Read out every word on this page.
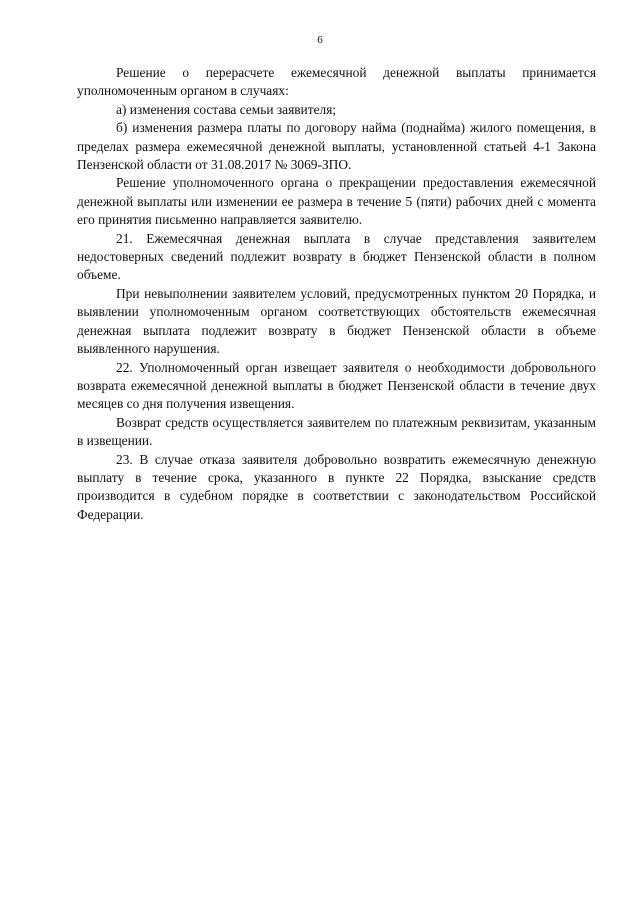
6

Решение о перерасчете ежемесячной денежной выплаты принимается уполномоченным органом в случаях:

а) изменения состава семьи заявителя;

б) изменения размера платы по договору найма (поднайма) жилого помещения, в пределах размера ежемесячной денежной выплаты, установленной статьей 4-1 Закона Пензенской области от 31.08.2017 № 3069-ЗПО.

Решение уполномоченного органа о прекращении предоставления ежемесячной денежной выплаты или изменении ее размера в течение 5 (пяти) рабочих дней с момента его принятия письменно направляется заявителю.

21. Ежемесячная денежная выплата в случае представления заявителем недостоверных сведений подлежит возврату в бюджет Пензенской области в полном объеме.

При невыполнении заявителем условий, предусмотренных пунктом 20 Порядка, и выявлении уполномоченным органом соответствующих обстоятельств ежемесячная денежная выплата подлежит возврату в бюджет Пензенской области в объеме выявленного нарушения.

22. Уполномоченный орган извещает заявителя о необходимости добровольного возврата ежемесячной денежной выплаты в бюджет Пензенской области в течение двух месяцев со дня получения извещения.

Возврат средств осуществляется заявителем по платежным реквизитам, указанным в извещении.

23. В случае отказа заявителя добровольно возвратить ежемесячную денежную выплату в течение срока, указанного в пункте 22 Порядка, взыскание средств производится в судебном порядке в соответствии с законодательством Российской Федерации.
